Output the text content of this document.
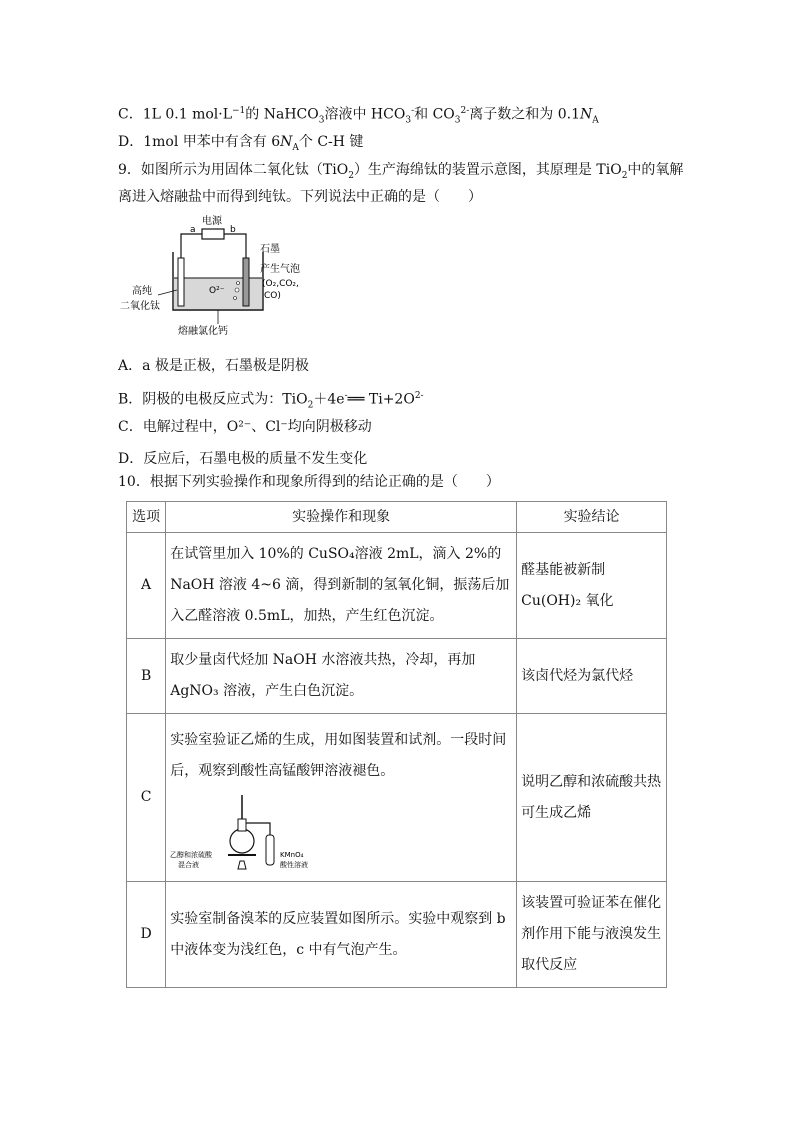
C．1L 0.1 $mol\cdot L^{-1}$的 NaHCO$_3$溶液中 $HCO_3^-$和 $CO_3^{2-}$离子数之和为 $0.1N_A$
D．1mol 甲苯中有含有 $6N_A$个 C-H 键
9．如图所示为用固体二氧化钛（TiO$_2$）生产海绵钛的装置示意图，其原理是 TiO$_2$中的氧解
离进入熔融盐中而得到纯钛。下列说法中正确的是（　　）
电源
a	b
O²⁻
石墨
产生气泡
(O₂,CO₂,
CO)
高纯
二氧化钛
熔融氯化钙
A．a 极是正极，石墨极是阴极
B．阴极的电极反应式为：TiO$_2$＋4e-══ $Ti+2O^{2-}$
C．电解过程中，O²⁻、Cl⁻均向阴极移动
D．反应后，石墨电极的质量不发生变化
10．根据下列实验操作和现象所得到的结论正确的是（　　）
选项	实验操作和现象	实验结论
A	在试管里加入 10%的 CuSO₄溶液 2mL，滴入 2%的 NaOH 溶液 4~6 滴，得到新制的氢氧化铜，振荡后加入乙醛溶液 0.5mL，加热，产生红色沉淀。	醛基能被新制 Cu(OH)₂ 氧化

B	取少量卤代烃加 NaOH 水溶液共热，冷却，再加 AgNO₃ 溶液，产生白色沉淀。	该卤代烃为氯代烃

C	实验室验证乙烯的生成，用如图装置和试剂。一段时间后，观察到酸性高锰酸钾溶液褪色。
乙醇和浓硫酸
混合液
KMnO₄
酸性溶液	说明乙醇和浓硫酸共热可生成乙烯

D	实验室制备溴苯的反应装置如图所示。实验中观察到 b 中液体变为浅红色，c 中有气泡产生。	该装置可验证苯在催化剂作用下能与液溴发生取代反应
